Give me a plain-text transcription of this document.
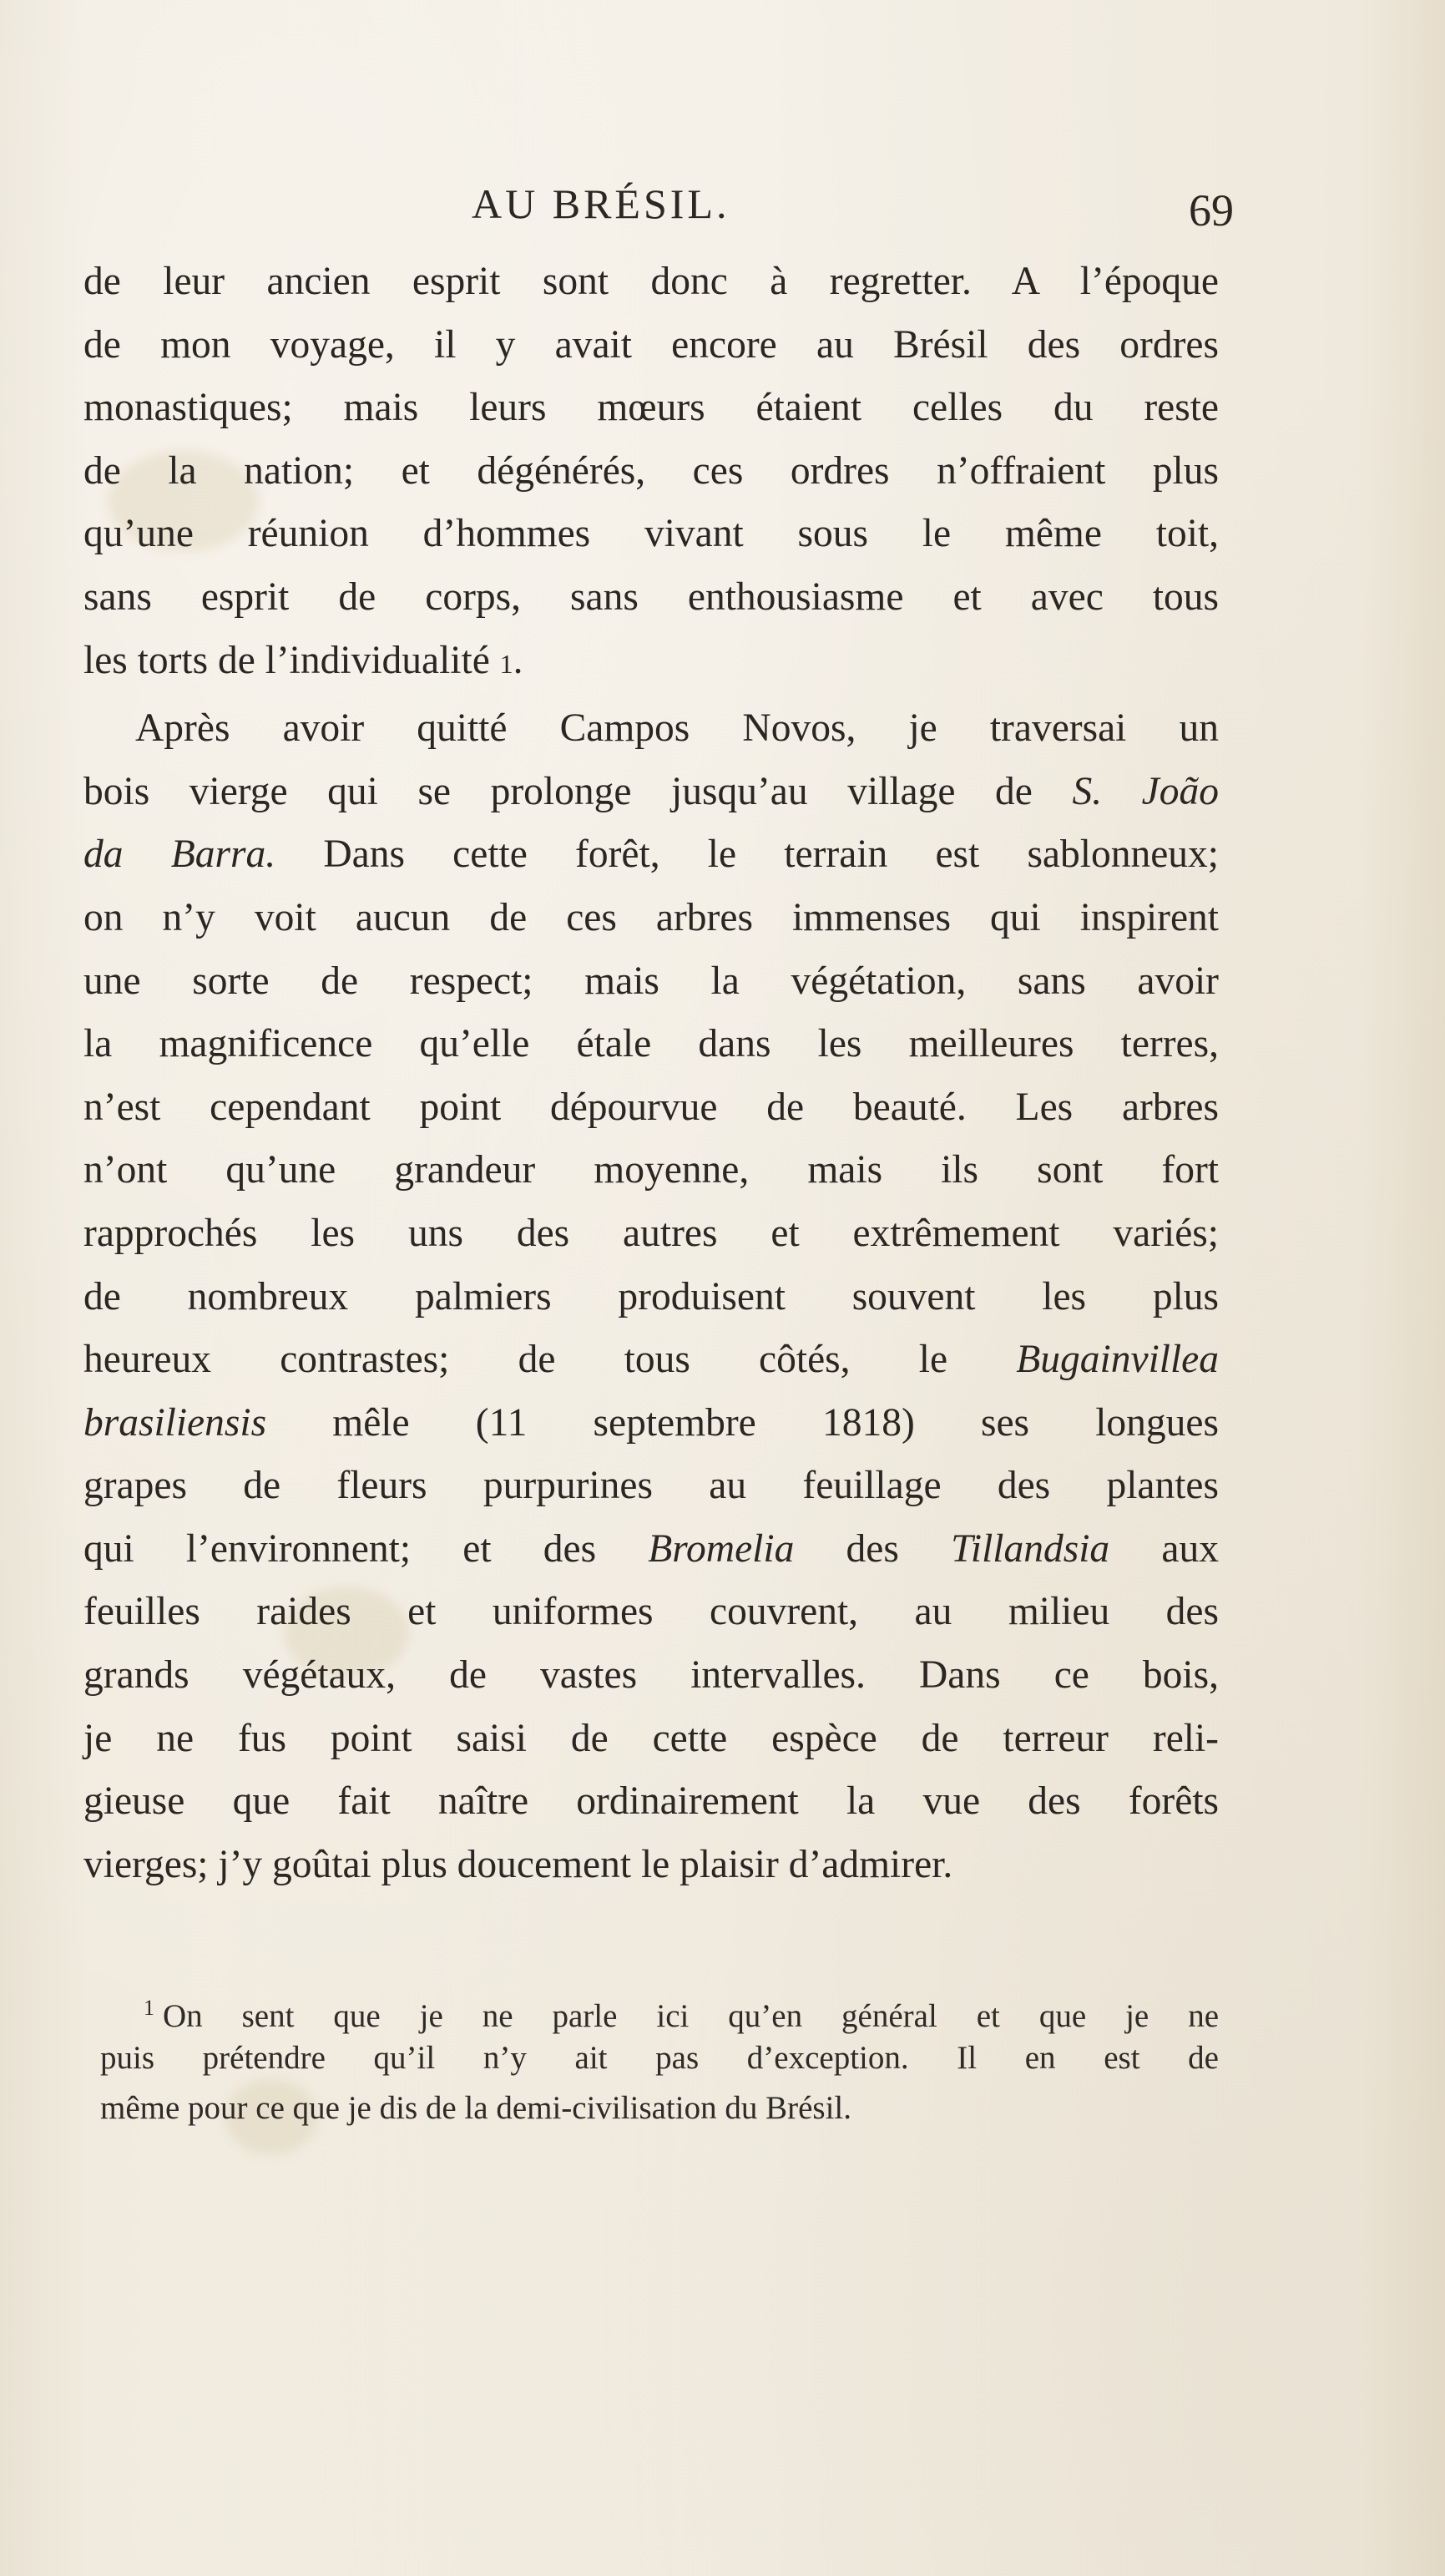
AU BRÉSIL.	69
de leur ancien esprit sont donc à regretter. A l’époque
de mon voyage, il y avait encore au Brésil des ordres
monastiques; mais leurs mœurs étaient celles du reste
de la nation; et dégénérés, ces ordres n’offraient plus
qu’une réunion d’hommes vivant sous le même toit,
sans esprit de corps, sans enthousiasme et avec tous
les torts de l’individualité 1.
Après avoir quitté Campos Novos, je traversai un
bois vierge qui se prolonge jusqu’au village de S. João
da Barra. Dans cette forêt, le terrain est sablonneux;
on n’y voit aucun de ces arbres immenses qui inspirent
une sorte de respect; mais la végétation, sans avoir
la magnificence qu’elle étale dans les meilleures terres,
n’est cependant point dépourvue de beauté. Les arbres
n’ont qu’une grandeur moyenne, mais ils sont fort
rapprochés les uns des autres et extrêmement variés;
de nombreux palmiers produisent souvent les plus
heureux contrastes; de tous côtés, le Bugainvillea
brasiliensis mêle (11 septembre 1818) ses longues
grapes de fleurs purpurines au feuillage des plantes
qui l’environnent; et des Bromelia des Tillandsia aux
feuilles raides et uniformes couvrent, au milieu des
grands végétaux, de vastes intervalles. Dans ce bois,
je ne fus point saisi de cette espèce de terreur reli-
gieuse que fait naître ordinairement la vue des forêts
vierges; j’y goûtai plus doucement le plaisir d’admirer.
$^1$ On sent que je ne parle ici qu’en général et que je ne
puis prétendre qu’il n’y ait pas d’exception. Il en est de
même pour ce que je dis de la demi-civilisation du Brésil.
